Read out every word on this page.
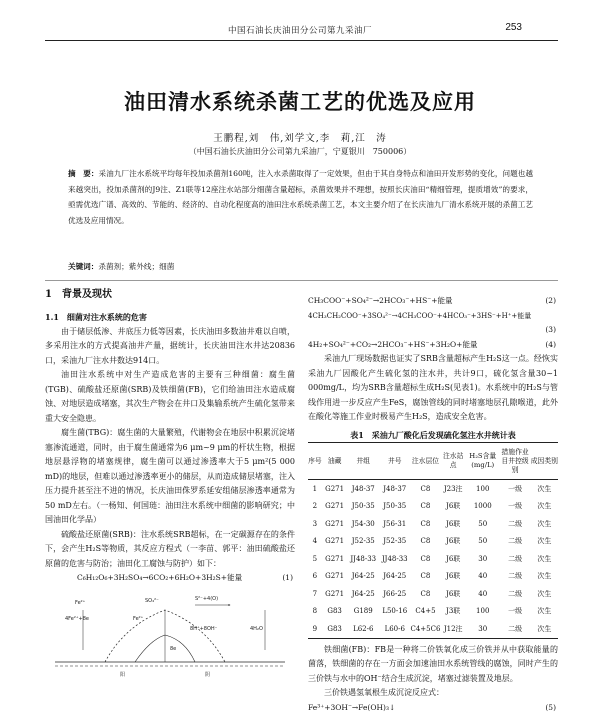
中国石油长庆油田分公司第九采油厂	253
油田清水系统杀菌工艺的优选及应用
王鹏程,刘　伟,刘学文,李　莉,江　涛
（中国石油长庆油田分公司第九采油厂，宁夏银川　750006）
摘　要：采油九厂注水系统平均每年投加杀菌剂160吨，注入水杀菌取得了一定效果，但由于其自身特点和油田开发形势的变化，问题也越来越突出，投加杀菌剂的J9注、Z1联等12座注水站部分细菌含量超标，杀菌效果并不理想，按照长庆油田“精细管理，提质增效”的要求，亟需优选广谱、高效的、节能的、经济的、自动化程度高的油田注水系统杀菌工艺，本文主要介绍了在长庆油九厂清水系统开展的杀菌工艺优选及应用情况。
关键词：杀菌剂；紫外线；细菌
1　背景及现状
1.1　细菌对注水系统的危害

由于储层低渗、井底压力低等因素，长庆油田多数油井难以自喷，多采用注水的方式提高油井产量，据统计，长庆油田注水井达20836口，采油九厂注水井数达914口。

油田注水系统中对生产造成危害的主要有三种细菌：腐生菌(TGB)、硫酸盐还原菌(SRB)及铁细菌(FB)，它们给油田注水造成腐蚀、对地层造成堵塞，其次生产物会在井口及集输系统产生硫化氢带来重大安全隐患。

腐生菌(TBG)：腐生菌的大量繁殖，代谢物会在地层中积累沉淀堵塞渗流通道，同时，由于腐生菌通常为6 μm~9 μm的杆状生物，根据地层悬浮物的堵塞规律，腐生菌可以通过渗透率大于5 μm²(5 000 mD)的地层，但难以通过渗透率更小的储层，从而造成储层堵塞，注入压力提升甚至注不进的情况，长庆油田侏罗系延安组储层渗透率通常为50 mD左右。（一杨知、何国琏：油田注水系统中细菌的影响研究；中国油田化学品）

硫酸盐还原菌(SRB)：注水系统SRB超标，在一定碳源存在的条件下，会产生H₂S等物质，其反应方程式（一李苗、郭平：油田硫酸盐还原菌的危害与防治；油田化工腐蚀与防护）如下：

C₆H₁₂O₆+3H₂SO₄→6CO₂+6H₂O+3H₂S+能量	(1)
Fe²⁺
4Fe²⁺+8e
SO₄²⁻	S²⁻+4(O)
Fe²⁺
8H⁺+8OH⁻	4H₂O
8e
阳	阴
CH₃COO⁻+SO₄²⁻→2HCO₃⁻+HS⁻+能量	(2)
4CH₃CH₂COO⁻+3SO₄²⁻→4CH₃COO⁻+4HCO₃⁻+3HS⁻+H⁺+能量
(3)
4H₂+SO₄²⁻+CO₂→2HCO₃⁻+HS⁻+3H₂O+能量	(4)

采油九厂现场数据也证实了SRB含量超标产生H₂S这一点。经恢实采油九厂因酸化产生硫化氢的注水井，共计9口，硫化氢含量30~1 000mg/L，均为SRB含量超标生成H₂S(见表1)。水系统中的H₂S与管线作用进一步反应产生FeS，腐蚀管线的同时堵塞地层孔隙喉道，此外在酸化等施工作业时极易产生H₂S，造成安全危害。

表1　采油九厂酸化后发现硫化氢注水井统计表
序号	油藏	井组	井号	注水层位	注水站点	H₂S含量(mg/L)	措施作业目井控级别	成因类别
1	G271	J48-37	J48-37	C8	J23注	100	一级	次生
2	G271	J50-35	J50-35	C8	J6联	1000	一级	次生
3	G271	J54-30	J56-31	C8	J6联	50	二级	次生
4	G271	J52-35	J52-35	C8	J6联	50	二级	次生
5	G271	JJ48-33	JJ48-33	C8	J6联	30	二级	次生
6	G271	J64-25	J64-25	C8	J6联	40	二级	次生
7	G271	J64-25	J66-25	C8	J6联	40	二级	次生
8	G83	G189	L50-16	C4+5	J3联	100	一级	次生
9	G83	L62-6	L60-6	C4+5C6	J12注	30	二级	次生

铁细菌(FB)：FB是一种将二价铁氧化成三价铁并从中获取能量的菌落，铁细菌的存在一方面会加速油田水系统管线的腐蚀，同时产生的三价铁与水中的OH⁻结合生成沉淀，堵塞过滤装置及地层。

三价铁遇氢氧根生成沉淀反应式：

Fe³⁺+3OH⁻→Fe(OH)₃↓	(5)
